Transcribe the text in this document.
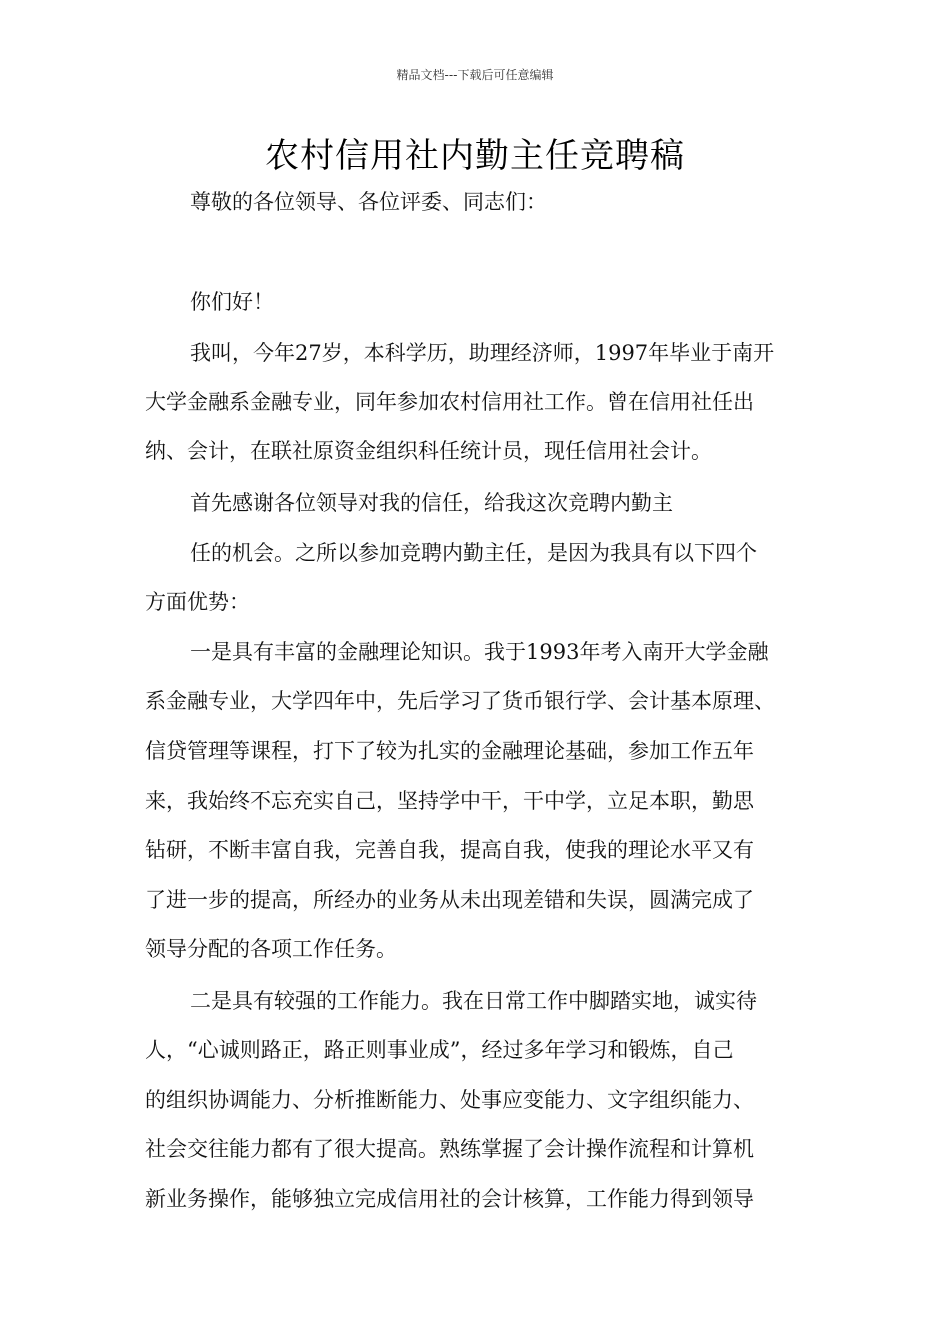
精品文档---下载后可任意编辑
农村信用社内勤主任竞聘稿
尊敬的各位领导、各位评委、同志们：
你们好！
我叫，今年27岁，本科学历，助理经济师，1997年毕业于南开
大学金融系金融专业，同年参加农村信用社工作。曾在信用社任出
纳、会计，在联社原资金组织科任统计员，现任信用社会计。
首先感谢各位领导对我的信任，给我这次竞聘内勤主
任的机会。之所以参加竞聘内勤主任，是因为我具有以下四个
方面优势：
一是具有丰富的金融理论知识。我于1993年考入南开大学金融
系金融专业，大学四年中，先后学习了货币银行学、会计基本原理、
信贷管理等课程，打下了较为扎实的金融理论基础，参加工作五年
来，我始终不忘充实自己，坚持学中干，干中学，立足本职，勤思
钻研，不断丰富自我，完善自我，提高自我，使我的理论水平又有
了进一步的提高，所经办的业务从未出现差错和失误，圆满完成了
领导分配的各项工作任务。
二是具有较强的工作能力。我在日常工作中脚踏实地，诚实待
人，“心诚则路正，路正则事业成”，经过多年学习和锻炼，自己
的组织协调能力、分析推断能力、处事应变能力、文字组织能力、
社会交往能力都有了很大提高。熟练掌握了会计操作流程和计算机
新业务操作，能够独立完成信用社的会计核算，工作能力得到领导
